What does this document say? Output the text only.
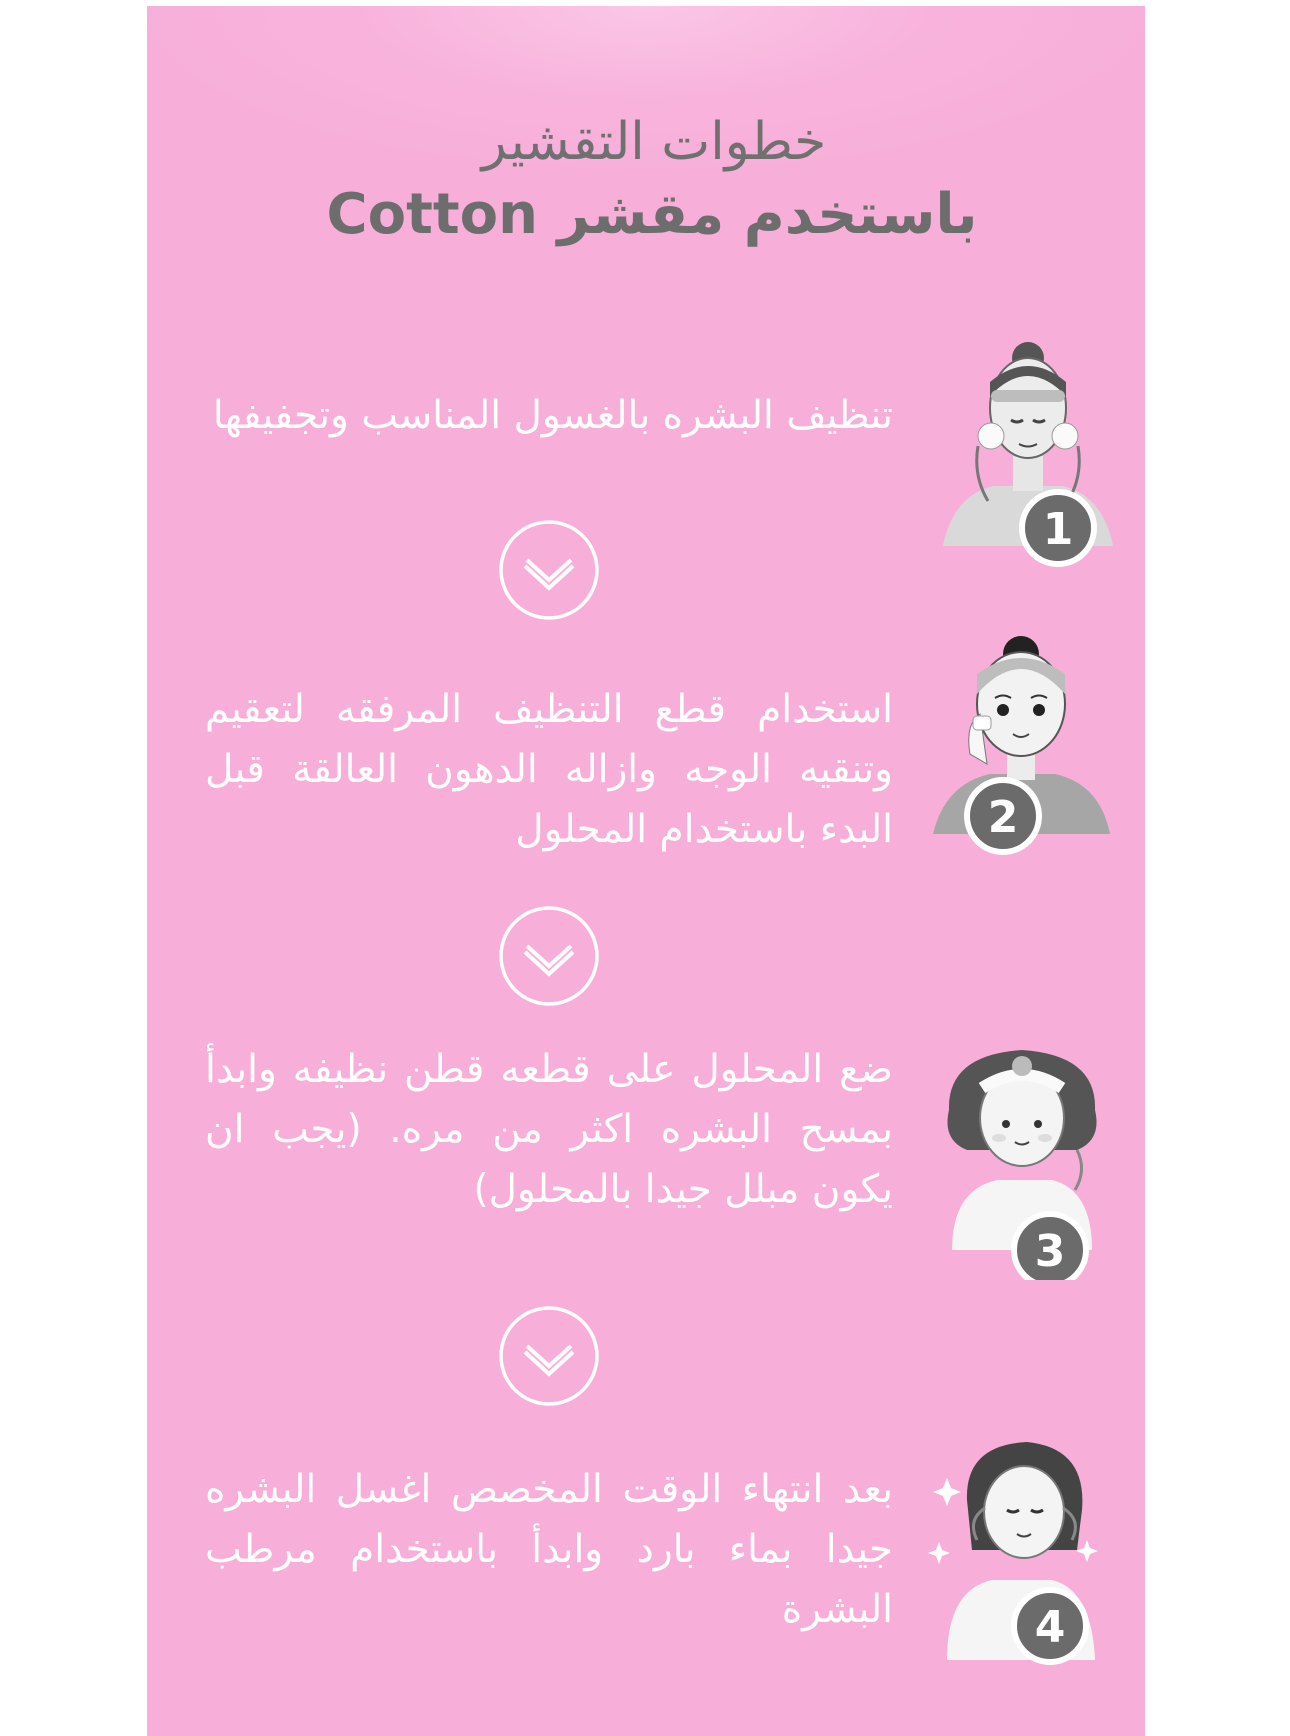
خطوات التقشير
باستخدم مقشر Cotton
تنظيف البشره بالغسول المناسب وتجفيفها
1
استخدام قطع التنظيف المرفقه لتعقيم وتنقيه الوجه وازاله الدهون العالقة قبل البدء باستخدام المحلول 2
ضع المحلول على قطعه قطن نظيفه وابدأ بمسح البشره اكثر من مره. (يجب ان يكون مبلل جيدا بالمحلول)
3
بعد انتهاء الوقت المخصص اغسل البشره جيدا بماء بارد وابدأ باستخدام مرطب البشرة	4
